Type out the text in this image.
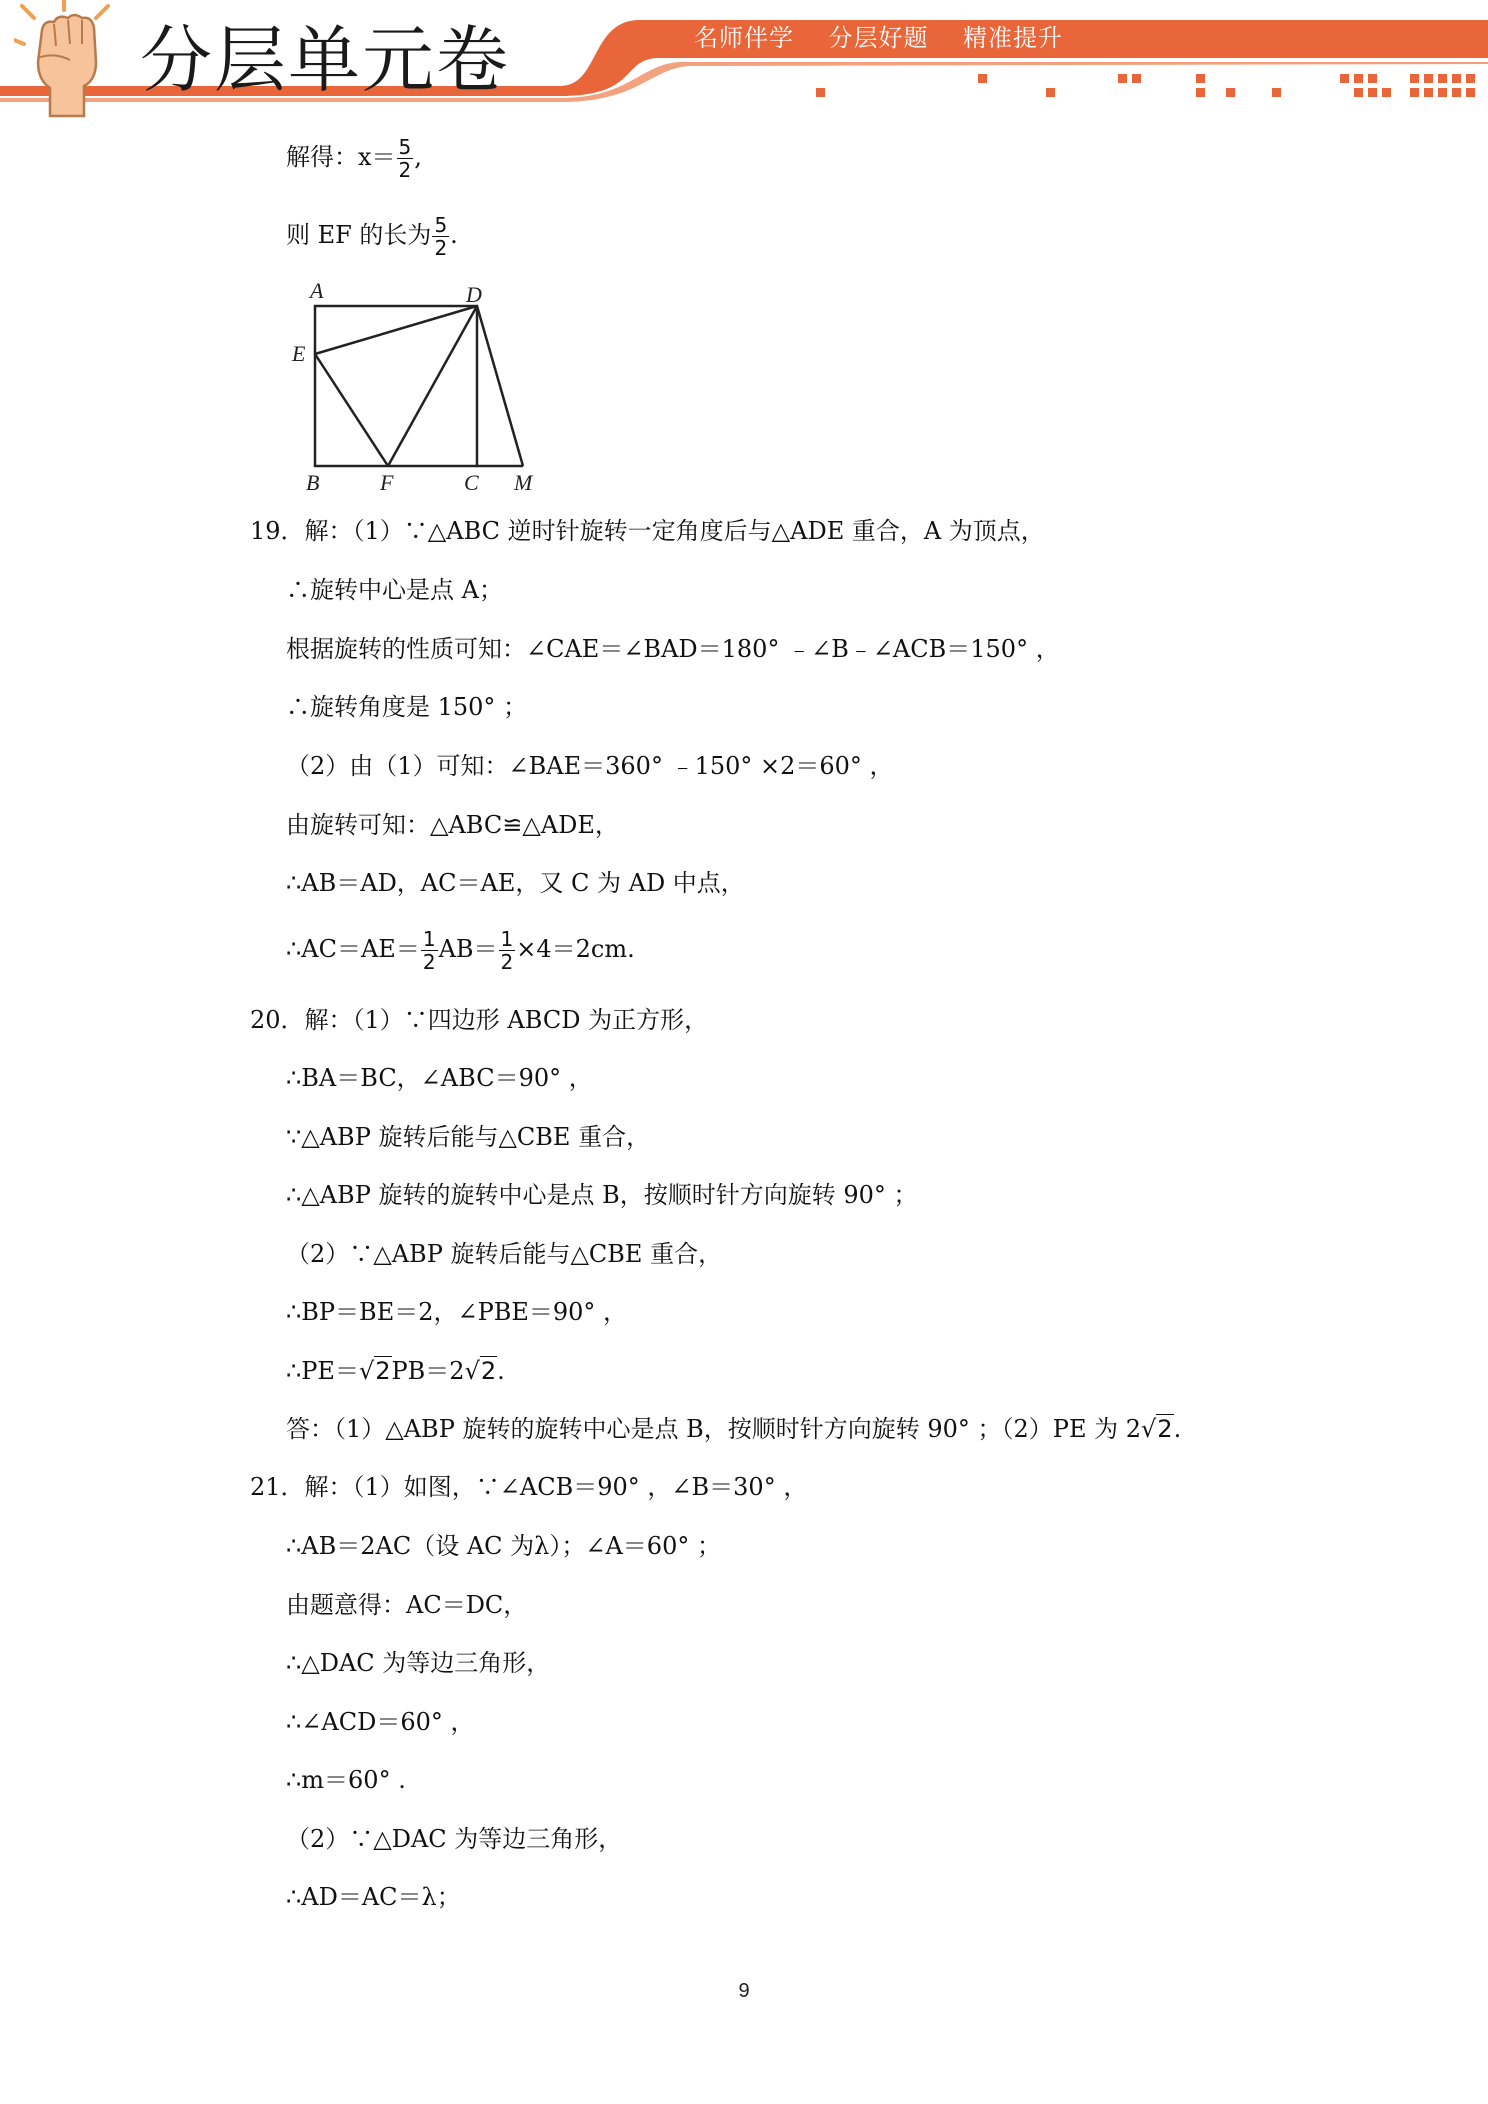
分层单元卷	名师伴学    分层好题    精准提升
解得：$x= \frac{5}{2}$ ,
则 EF 的长为 $\frac{5}{2}$ .
A	D
E
B	F	C M
19．解：（1）∵△ABC 逆时针旋转一定角度后与△ADE 重合，A 为顶点，
∴旋转中心是点 A；
根据旋转的性质可知：∠CAE＝∠BAD＝180° ﹣∠B﹣∠ACB＝150° ，
∴旋转角度是 150° ；
（2）由（1）可知：∠BAE＝360° ﹣150° ×2＝60° ，
由旋转可知：△ABC≌△ADE，
∴AB＝AD，AC＝AE，又 C 为 AD 中点，
∴AC＝AE＝ $\frac{1}{2} AB= \frac{1}{2} \times 4=2cm$.
20．解：（1）∵四边形 ABCD 为正方形，
∴BA＝BC，∠ABC＝90° ，
∵△ABP 旋转后能与△CBE 重合，
∴△ABP 旋转的旋转中心是点 B，按顺时针方向旋转 90° ；
（2）∵△ABP 旋转后能与△CBE 重合，
∴BP＝BE＝2，∠PBE＝90° ，
∴PE＝√2PB＝2√2.
答：（1）△ABP 旋转的旋转中心是点 B，按顺时针方向旋转 90° ；（2）PE 为 2√2.
21．解：（1）如图，∵∠ACB＝90° ，∠B＝30° ，
∴AB＝2AC（设 AC 为λ）；∠A＝60° ；
由题意得：AC＝DC，
∴△DAC 为等边三角形，
∴∠ACD＝60° ，
∴m＝60° .
（2）∵△DAC 为等边三角形，
∴AD＝AC＝λ；
9
